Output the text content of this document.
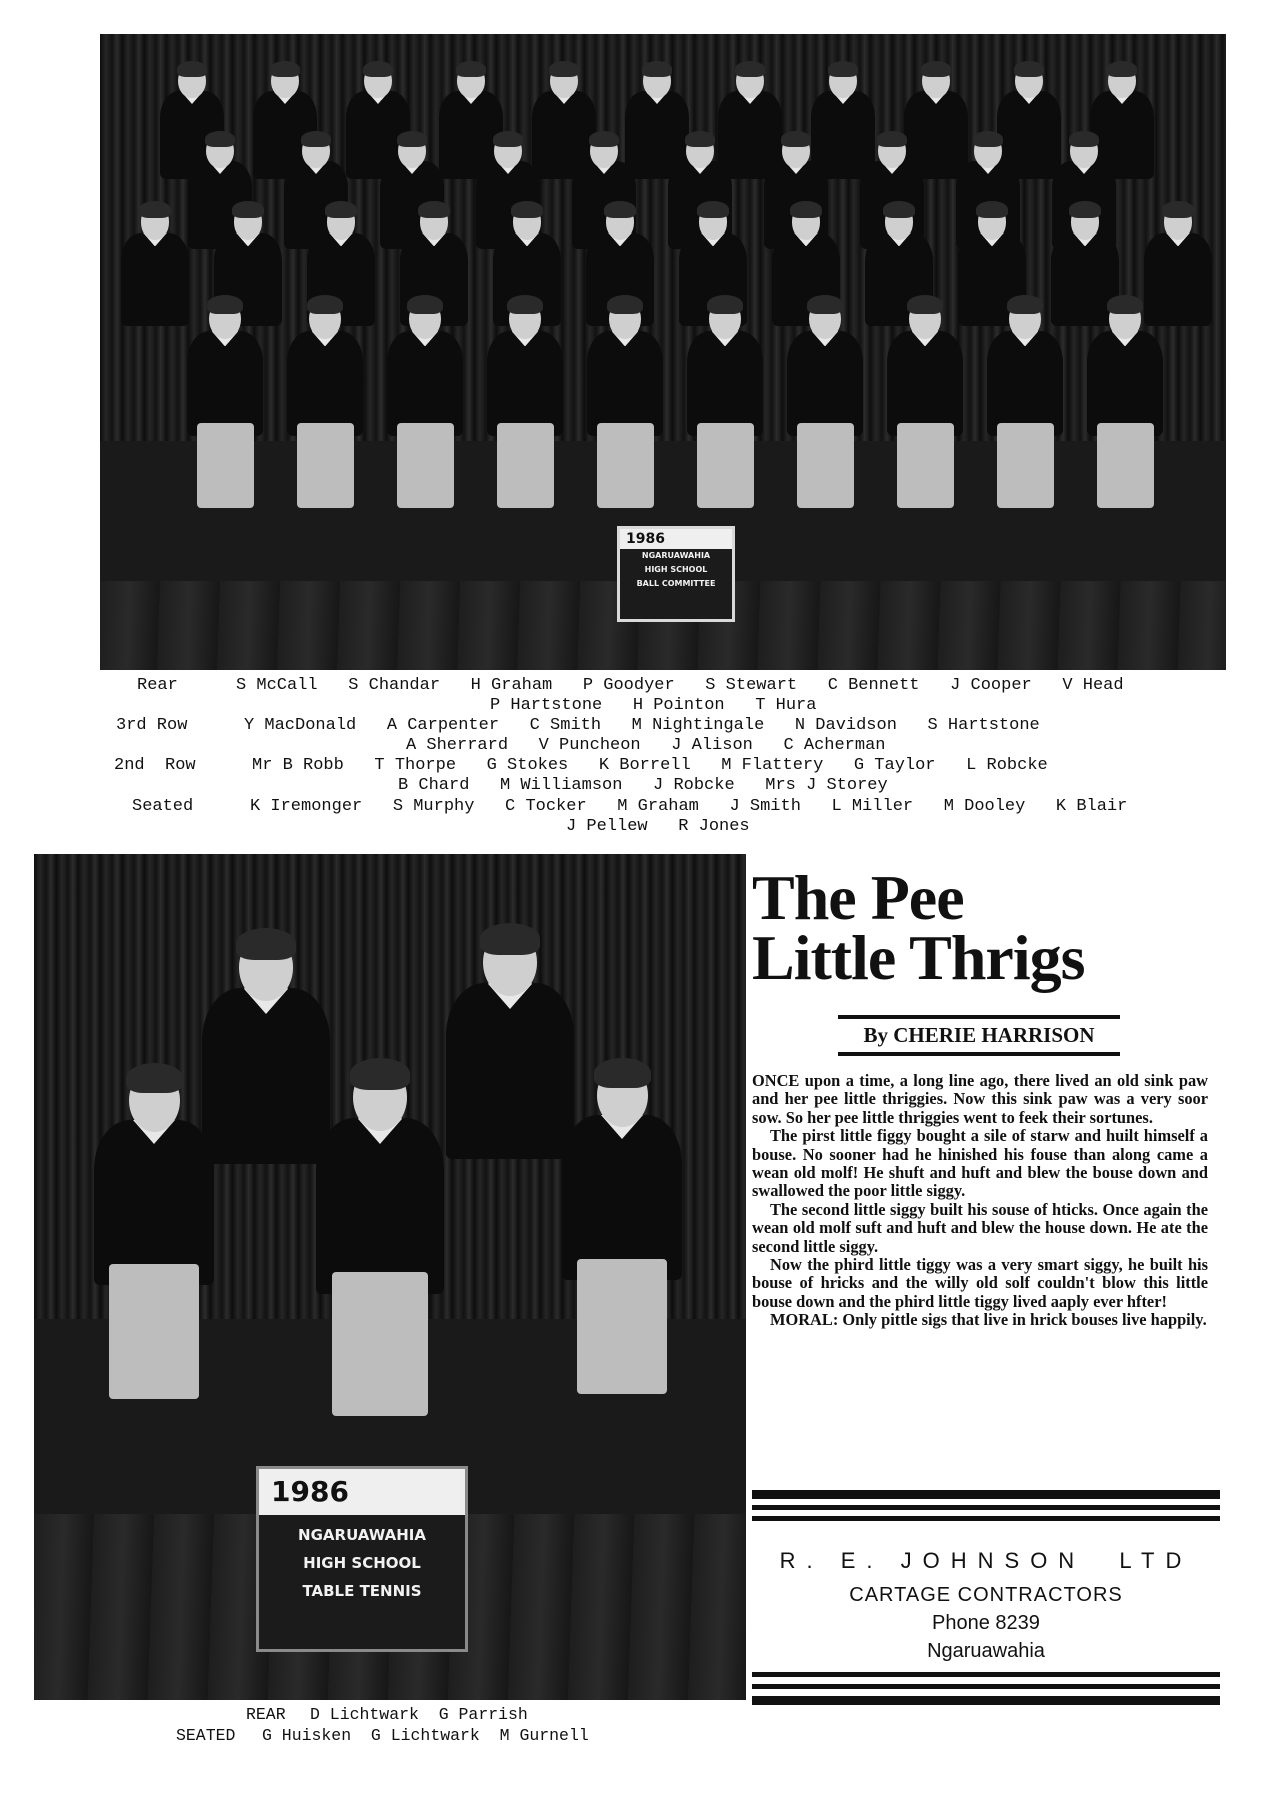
1986
NGARUAWAHIA
HIGH SCHOOL
BALL COMMITTEE
Rear	S McCall   S Chandar   H Graham   P Goodyer   S Stewart   C Bennett   J Cooper   V Head
P Hartstone   H Pointon   T Hura
3rd Row	Y MacDonald   A Carpenter   C Smith   M Nightingale   N Davidson   S Hartstone
A Sherrard   V Puncheon   J Alison   C Acherman
2nd  Row	Mr B Robb   T Thorpe   G Stokes   K Borrell   M Flattery   G Taylor   L Robcke
B Chard   M Williamson   J Robcke   Mrs J Storey
Seated	K Iremonger   S Murphy   C Tocker   M Graham   J Smith   L Miller   M Dooley   K Blair
J Pellew   R Jones
1986
NGARUAWAHIA
HIGH SCHOOL
TABLE TENNIS
REAR D Lichtwark  G Parrish
SEATED G Huisken  G Lichtwark  M Gurnell
The Pee
Little Thrigs
By CHERIE HARRISON

ONCE upon a time, a long line ago, there lived an old sink paw and her pee little thriggies. Now this sink paw was a very soor sow. So her pee little thriggies went to feek their sortunes.

The pirst little figgy bought a sile of starw and huilt himself a bouse. No sooner had he hinished his fouse than along came a wean old molf! He shuft and huft and blew the bouse down and swallowed the poor little siggy.

The second little siggy built his souse of hticks. Once again the wean old molf suft and huft and blew the house down. He ate the second little siggy.

Now the phird little tiggy was a very smart siggy, he built his bouse of hricks and the willy old solf couldn't blow this little bouse down and the phird little tiggy lived aaply ever hfter!

MORAL: Only pittle sigs that live in hrick bouses live happily.

R. E. JOHNSON  LTD
CARTAGE CONTRACTORS
Phone 8239
Ngaruawahia
